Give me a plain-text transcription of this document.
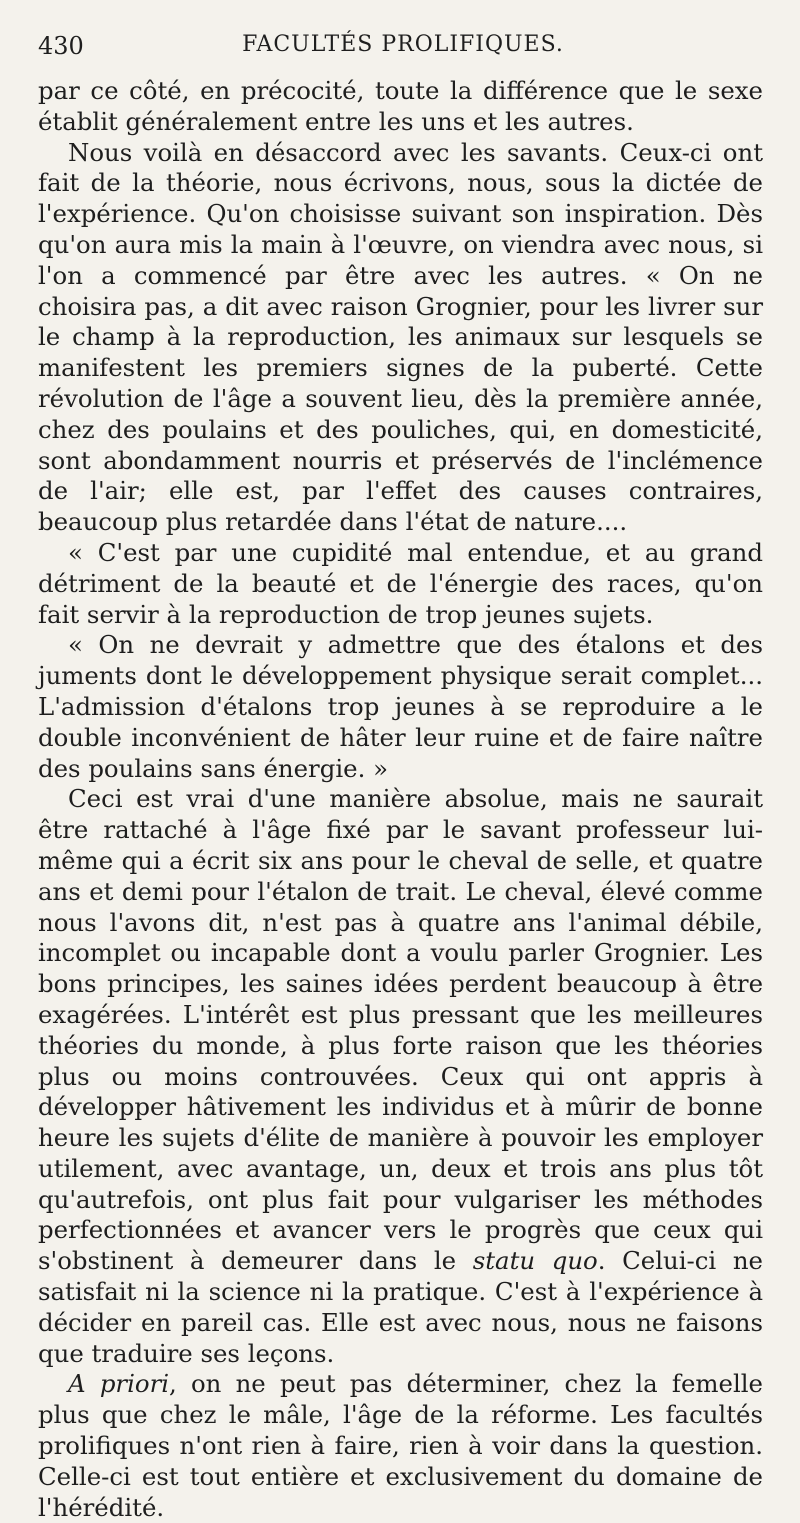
430	FACULTÉS PROLIFIQUES.

par ce côté, en précocité, toute la différence que le sexe établit généralement entre les uns et les autres.

Nous voilà en désaccord avec les savants. Ceux-ci ont fait de la théorie, nous écrivons, nous, sous la dictée de l'expérience. Qu'on choisisse suivant son inspiration. Dès qu'on aura mis la main à l'œuvre, on viendra avec nous, si l'on a commencé par être avec les autres. « On ne choisira pas, a dit avec raison Grognier, pour les livrer sur le champ à la reproduction, les animaux sur lesquels se manifestent les premiers signes de la puberté. Cette révolution de l'âge a souvent lieu, dès la première année, chez des poulains et des pouliches, qui, en domesticité, sont abondamment nourris et préservés de l'inclémence de l'air; elle est, par l'effet des causes contraires, beaucoup plus retardée dans l'état de nature....

« C'est par une cupidité mal entendue, et au grand détriment de la beauté et de l'énergie des races, qu'on fait servir à la reproduction de trop jeunes sujets.

« On ne devrait y admettre que des étalons et des juments dont le développement physique serait complet... L'admission d'étalons trop jeunes à se reproduire a le double inconvénient de hâter leur ruine et de faire naître des poulains sans énergie. »

Ceci est vrai d'une manière absolue, mais ne saurait être rattaché à l'âge fixé par le savant professeur lui-même qui a écrit six ans pour le cheval de selle, et quatre ans et demi pour l'étalon de trait. Le cheval, élevé comme nous l'avons dit, n'est pas à quatre ans l'animal débile, incomplet ou incapable dont a voulu parler Grognier. Les bons principes, les saines idées perdent beaucoup à être exagérées. L'intérêt est plus pressant que les meilleures théories du monde, à plus forte raison que les théories plus ou moins controuvées. Ceux qui ont appris à développer hâtivement les individus et à mûrir de bonne heure les sujets d'élite de manière à pouvoir les employer utilement, avec avantage, un, deux et trois ans plus tôt qu'autrefois, ont plus fait pour vulgariser les méthodes perfectionnées et avancer vers le progrès que ceux qui s'obstinent à demeurer dans le statu quo. Celui-ci ne satisfait ni la science ni la pratique. C'est à l'expérience à décider en pareil cas. Elle est avec nous, nous ne faisons que traduire ses leçons.

A priori, on ne peut pas déterminer, chez la femelle plus que chez le mâle, l'âge de la réforme. Les facultés prolifiques n'ont rien à faire, rien à voir dans la question. Celle-ci est tout entière et exclusivement du domaine de l'hérédité.
